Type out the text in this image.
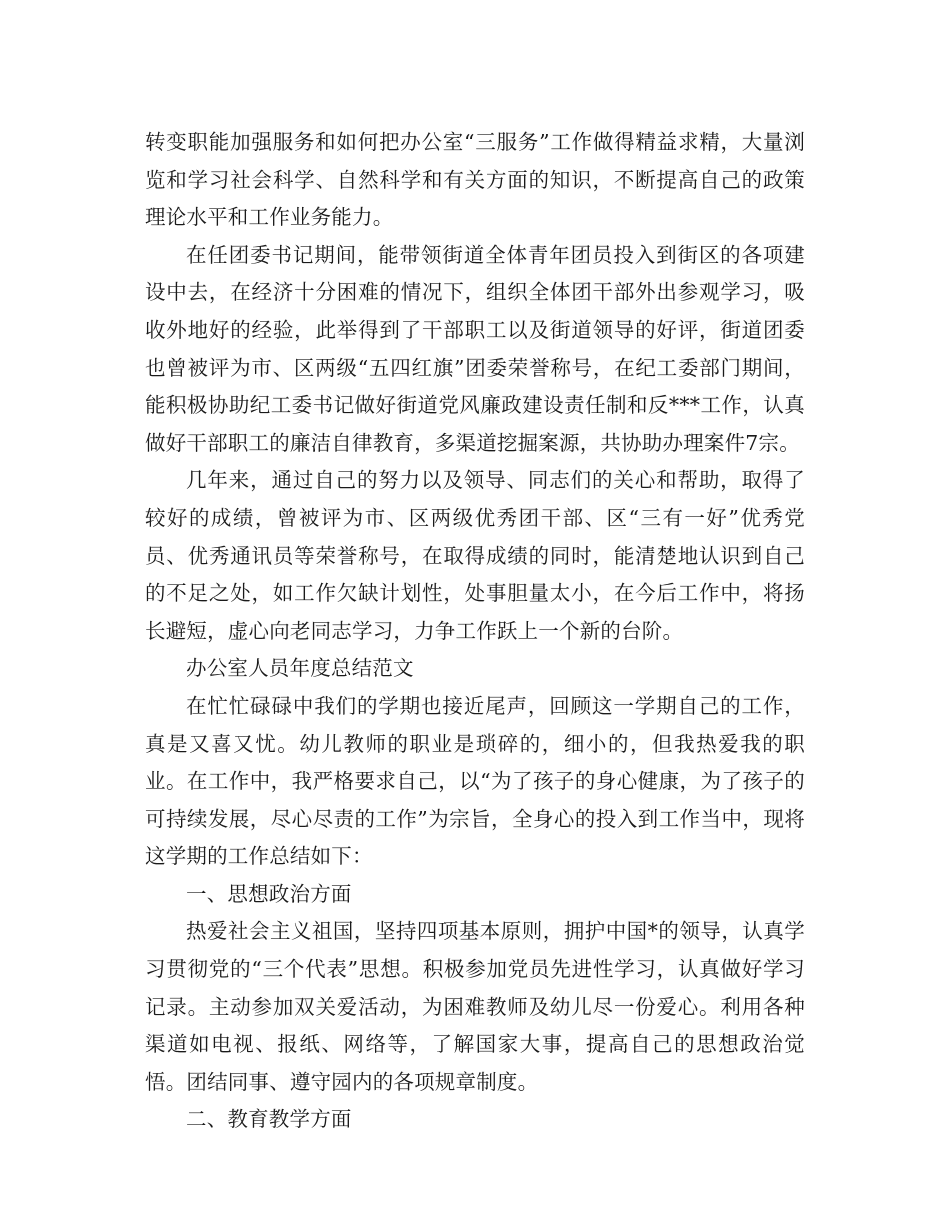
转变职能加强服务和如何把办公室“三服务”工作做得精益求精，大量浏览和学习社会科学、自然科学和有关方面的知识，不断提高自己的政策理论水平和工作业务能力。

在任团委书记期间，能带领街道全体青年团员投入到街区的各项建设中去，在经济十分困难的情况下，组织全体团干部外出参观学习，吸收外地好的经验，此举得到了干部职工以及街道领导的好评，街道团委也曾被评为市、区两级“五四红旗”团委荣誉称号，在纪工委部门期间，能积极协助纪工委书记做好街道党风廉政建设责任制和反***工作，认真做好干部职工的廉洁自律教育，多渠道挖掘案源，共协助办理案件7宗。

几年来，通过自己的努力以及领导、同志们的关心和帮助，取得了较好的成绩，曾被评为市、区两级优秀团干部、区“三有一好”优秀党员、优秀通讯员等荣誉称号，在取得成绩的同时，能清楚地认识到自己的不足之处，如工作欠缺计划性，处事胆量太小，在今后工作中，将扬长避短，虚心向老同志学习，力争工作跃上一个新的台阶。

办公室人员年度总结范文

在忙忙碌碌中我们的学期也接近尾声，回顾这一学期自己的工作，真是又喜又忧。幼儿教师的职业是琐碎的，细小的，但我热爱我的职业。在工作中，我严格要求自己，以“为了孩子的身心健康，为了孩子的可持续发展，尽心尽责的工作”为宗旨，全身心的投入到工作当中，现将这学期的工作总结如下：

一、思想政治方面

热爱社会主义祖国，坚持四项基本原则，拥护中国*的领导，认真学习贯彻党的“三个代表”思想。积极参加党员先进性学习，认真做好学习记录。主动参加双关爱活动，为困难教师及幼儿尽一份爱心。利用各种渠道如电视、报纸、网络等，了解国家大事，提高自己的思想政治觉悟。团结同事、遵守园内的各项规章制度。

二、教育教学方面
